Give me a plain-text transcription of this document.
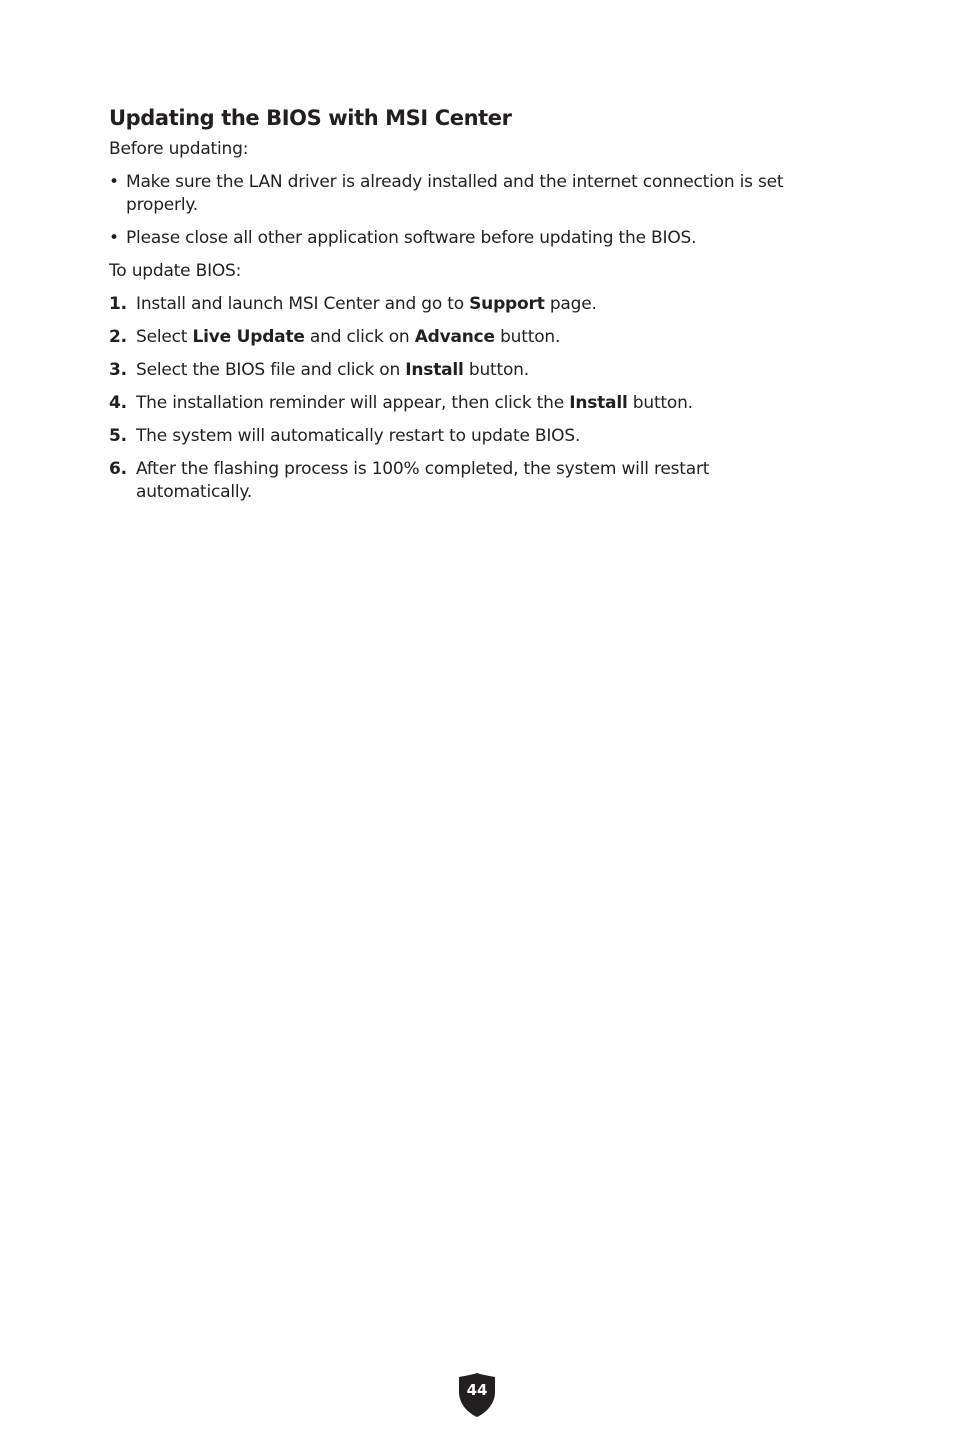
Updating the BIOS with MSI Center

Before updating:

• Make sure the LAN driver is already installed and the internet connection is set properly.
• Please close all other application software before updating the BIOS.

To update BIOS:

1. Install and launch MSI Center and go to Support page.
2. Select Live Update and click on Advance button.
3. Select the BIOS file and click on Install button.
4. The installation reminder will appear, then click the Install button.
5. The system will automatically restart to update BIOS.
6. After the flashing process is 100% completed, the system will restart automatically.
44
